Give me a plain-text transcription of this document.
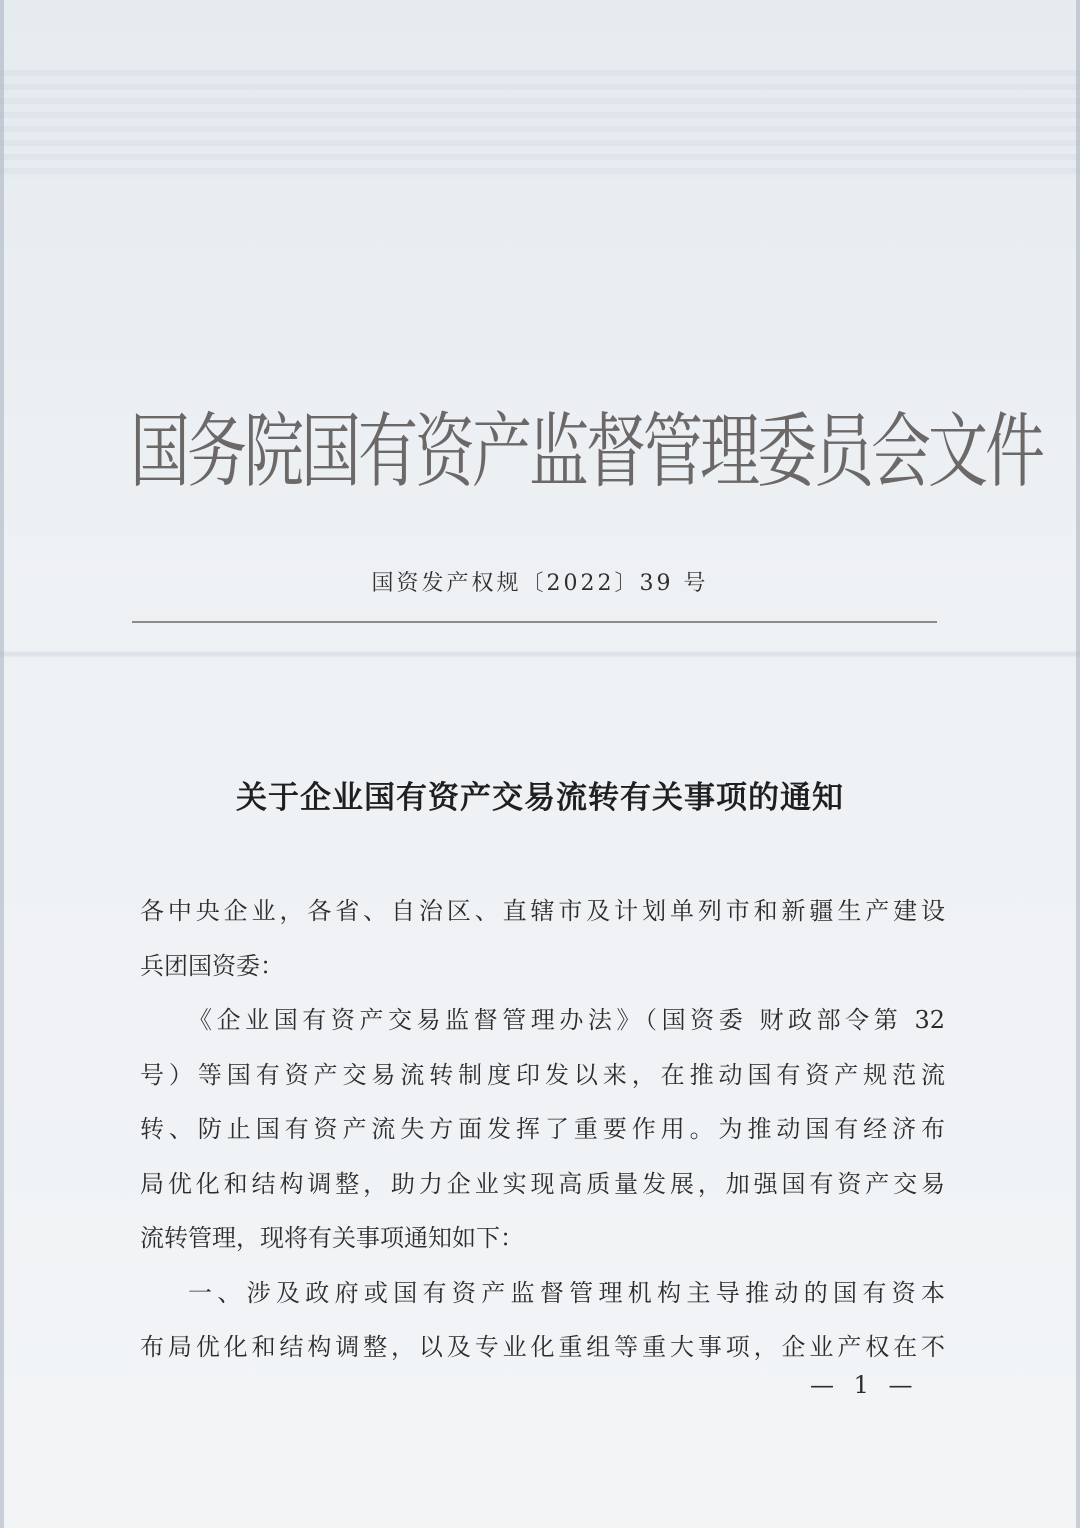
国务院国有资产监督管理委员会文件
国资发产权规〔2022〕39 号
关于企业国有资产交易流转有关事项的通知

各中央企业，各省、自治区、直辖市及计划单列市和新疆生产建设

兵团国资委：

《企业国有资产交易监督管理办法》（国资委 财政部令第 32

号）等国有资产交易流转制度印发以来，在推动国有资产规范流

转、防止国有资产流失方面发挥了重要作用。为推动国有经济布

局优化和结构调整，助力企业实现高质量发展，加强国有资产交易

流转管理，现将有关事项通知如下：

一、涉及政府或国有资产监督管理机构主导推动的国有资本

布局优化和结构调整，以及专业化重组等重大事项，企业产权在不

— 1 —
